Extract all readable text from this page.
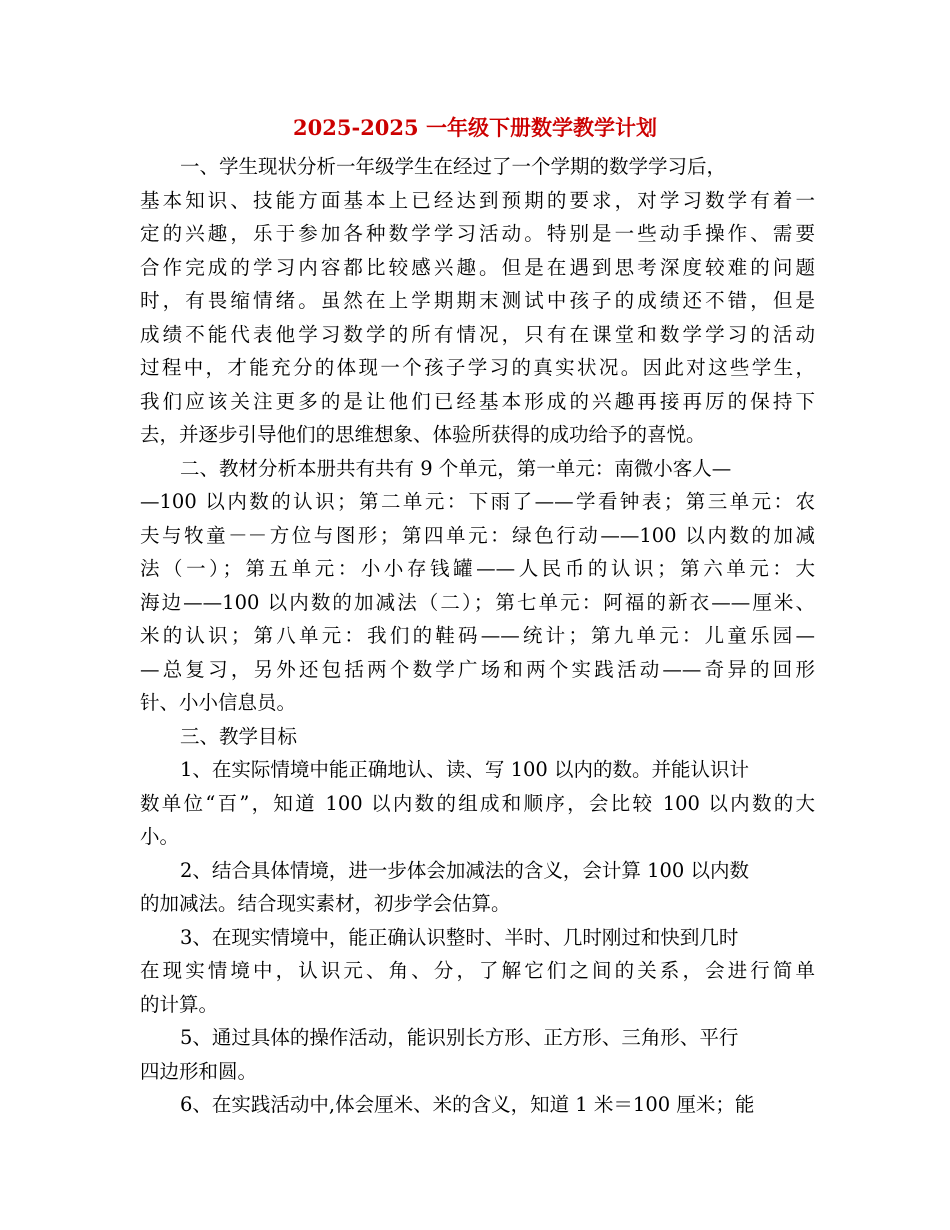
2025-2025 一年级下册数学教学计划
一、学生现状分析一年级学生在经过了一个学期的数学学习后，
基本知识、技能方面基本上已经达到预期的要求，对学习数学有着一
定的兴趣，乐于参加各种数学学习活动。特别是一些动手操作、需要
合作完成的学习内容都比较感兴趣。但是在遇到思考深度较难的问题
时，有畏缩情绪。虽然在上学期期末测试中孩子的成绩还不错，但是
成绩不能代表他学习数学的所有情况，只有在课堂和数学学习的活动
过程中，才能充分的体现一个孩子学习的真实状况。因此对这些学生，
我们应该关注更多的是让他们已经基本形成的兴趣再接再厉的保持下
去，并逐步引导他们的思维想象、体验所获得的成功给予的喜悦。
二、教材分析本册共有共有 9 个单元，第一单元：南微小客人—
—100 以内数的认识；第二单元：下雨了——学看钟表；第三单元：农
夫与牧童－－方位与图形；第四单元：绿色行动——100 以内数的加减
法（一）；第五单元：小小存钱罐——人民币的认识；第六单元：大
海边——100 以内数的加减法（二）；第七单元：阿福的新衣——厘米、
米的认识；第八单元：我们的鞋码——统计；第九单元：儿童乐园—
—总复习，另外还包括两个数学广场和两个实践活动——奇异的回形
针、小小信息员。
三、教学目标
1、在实际情境中能正确地认、读、写 100 以内的数。并能认识计
数单位“百”，知道 100 以内数的组成和顺序，会比较 100 以内数的大
小。
2、结合具体情境，进一步体会加减法的含义，会计算 100 以内数
的加减法。结合现实素材，初步学会估算。
3、在现实情境中，能正确认识整时、半时、几时刚过和快到几时
在现实情境中，认识元、角、分，了解它们之间的关系，会进行简单
的计算。
5、通过具体的操作活动，能识别长方形、正方形、三角形、平行
四边形和圆。
6、在实践活动中,体会厘米、米的含义，知道 1 米＝100 厘米；能
